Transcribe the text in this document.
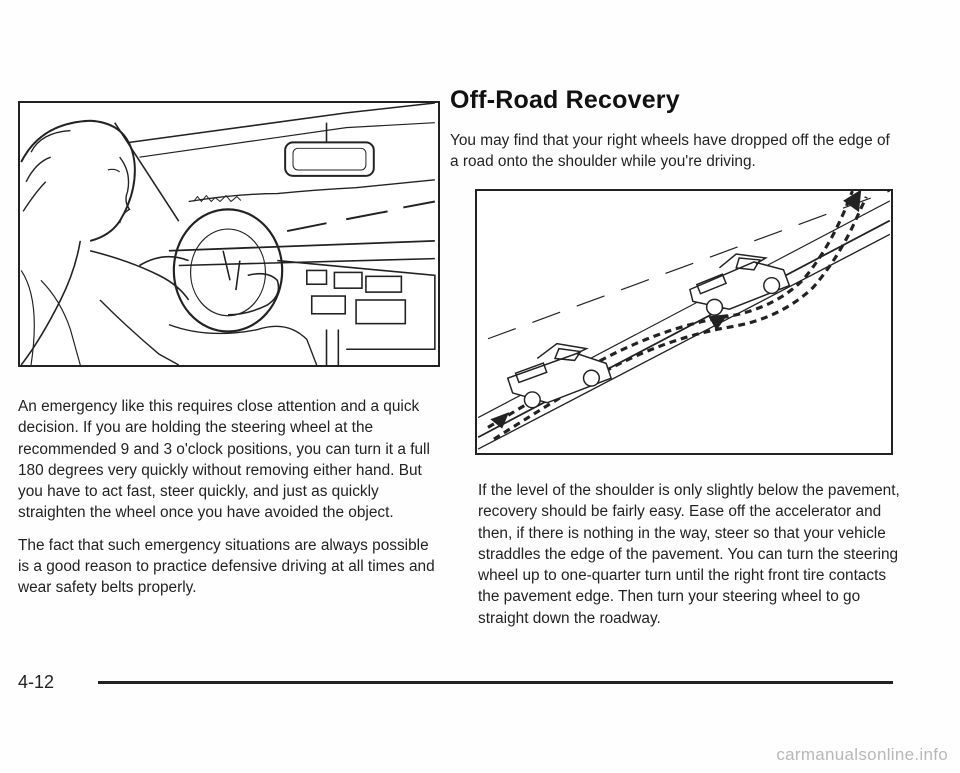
An emergency like this requires close attention and a quick decision. If you are holding the steering wheel at the recommended 9 and 3 o'clock positions, you can turn it a full 180 degrees very quickly without removing either hand. But you have to act fast, steer quickly, and just as quickly straighten the wheel once you have avoided the object.

The fact that such emergency situations are always possible is a good reason to practice defensive driving at all times and wear safety belts properly.

Off-Road Recovery

You may find that your right wheels have dropped off the edge of a road onto the shoulder while you're driving.

If the level of the shoulder is only slightly below the pavement, recovery should be fairly easy. Ease off the accelerator and then, if there is nothing in the way, steer so that your vehicle straddles the edge of the pavement. You can turn the steering wheel up to one-quarter turn until the right front tire contacts the pavement edge. Then turn your steering wheel to go straight down the roadway.

4-12
carmanualsonline.info
